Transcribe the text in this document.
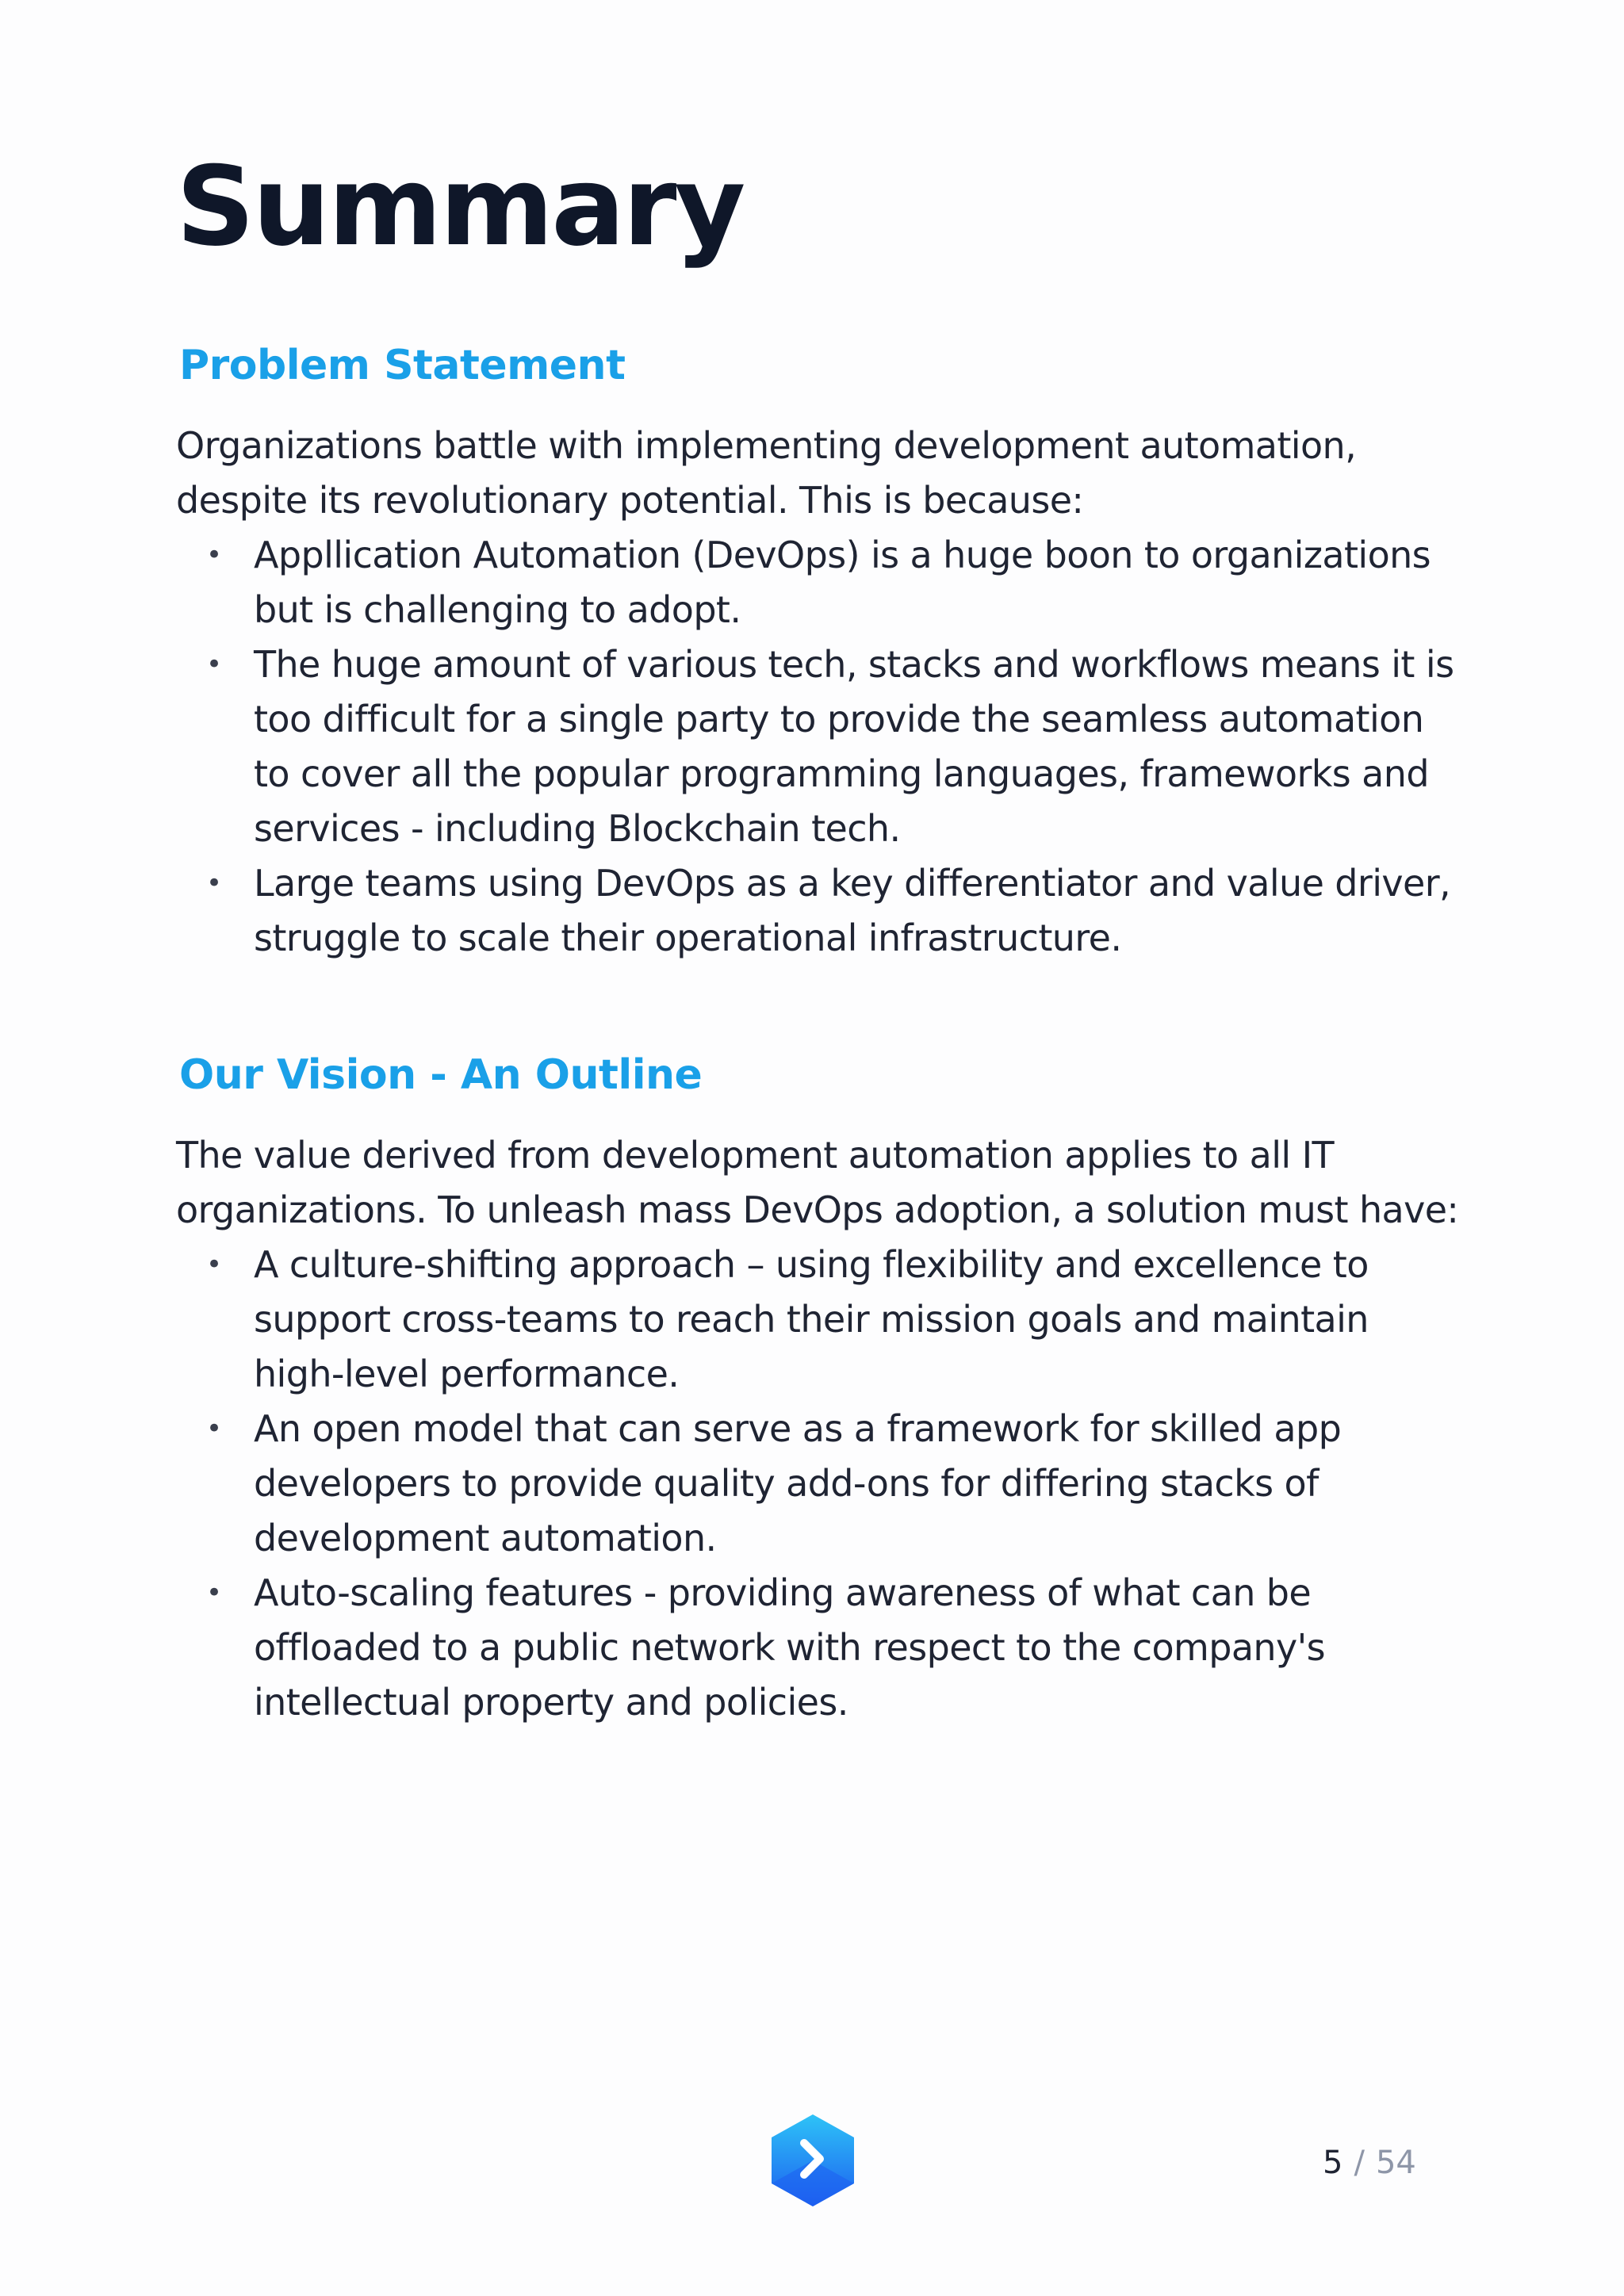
Summary
Problem Statement

Organizations battle with implementing development automation, despite its revolutionary potential. This is because:

• Appllication Automation (DevOps) is a huge boon to organizations but is challenging to adopt.
• The huge amount of various tech, stacks and workflows means it is too difficult for a single party to provide the seamless automation to cover all the popular programming languages, frameworks and services - including Blockchain tech.
• Large teams using DevOps as a key differentiator and value driver, struggle to scale their operational infrastructure.
Our Vision - An Outline

The value derived from development automation applies to all IT organizations. To unleash mass DevOps adoption, a solution must have:

• A culture-shifting approach – using flexibility and excellence to support cross-teams to reach their mission goals and maintain high-level performance.
• An open model that can serve as a framework for skilled app developers to provide quality add-ons for differing stacks of development automation.
• Auto-scaling features - providing awareness of what can be offloaded to a public network with respect to the company's intellectual property and policies.
5 / 54
